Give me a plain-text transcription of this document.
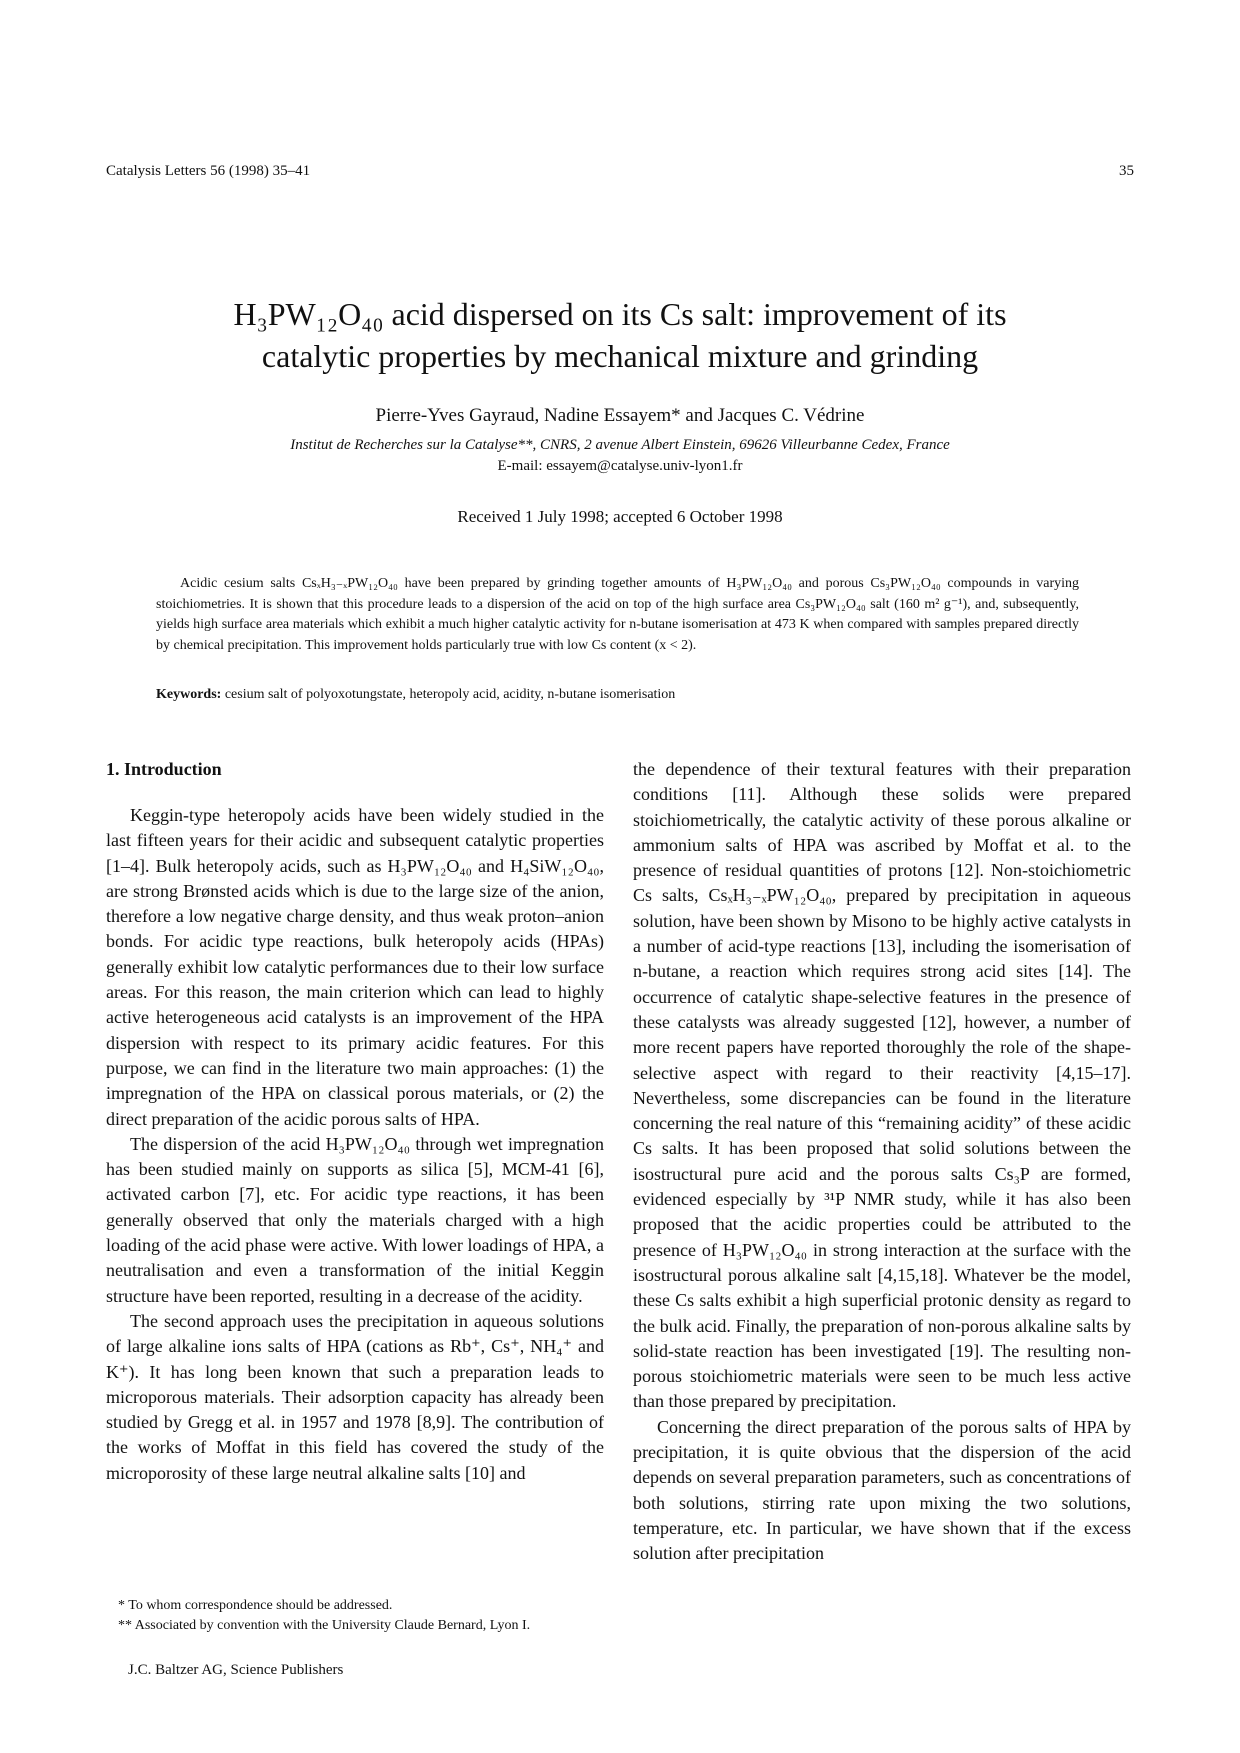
Catalysis Letters 56 (1998) 35–41	35
H₃PW₁₂O₄₀ acid dispersed on its Cs salt: improvement of its
catalytic properties by mechanical mixture and grinding
Pierre-Yves Gayraud, Nadine Essayem* and Jacques C. Védrine
Institut de Recherches sur la Catalyse**, CNRS, 2 avenue Albert Einstein, 69626 Villeurbanne Cedex, France
E-mail: essayem@catalyse.univ-lyon1.fr
Received 1 July 1998; accepted 6 October 1998
Acidic cesium salts CsₓH₃₋ₓPW₁₂O₄₀ have been prepared by grinding together amounts of H₃PW₁₂O₄₀ and porous Cs₃PW₁₂O₄₀ compounds in varying stoichiometries. It is shown that this procedure leads to a dispersion of the acid on top of the high surface area Cs₃PW₁₂O₄₀ salt (160 m² g⁻¹), and, subsequently, yields high surface area materials which exhibit a much higher catalytic activity for n-butane isomerisation at 473 K when compared with samples prepared directly by chemical precipitation. This improvement holds particularly true with low Cs content (x < 2).
Keywords: cesium salt of polyoxotungstate, heteropoly acid, acidity, n-butane isomerisation
1. Introduction

Keggin-type heteropoly acids have been widely studied in the last fifteen years for their acidic and subsequent catalytic properties [1–4]. Bulk heteropoly acids, such as H₃PW₁₂O₄₀ and H₄SiW₁₂O₄₀, are strong Brønsted acids which is due to the large size of the anion, therefore a low negative charge density, and thus weak proton–anion bonds. For acidic type reactions, bulk heteropoly acids (HPAs) generally exhibit low catalytic performances due to their low surface areas. For this reason, the main criterion which can lead to highly active heterogeneous acid catalysts is an improvement of the HPA dispersion with respect to its primary acidic features. For this purpose, we can find in the literature two main approaches: (1) the impregnation of the HPA on classical porous materials, or (2) the direct preparation of the acidic porous salts of HPA.

The dispersion of the acid H₃PW₁₂O₄₀ through wet impregnation has been studied mainly on supports as silica [5], MCM-41 [6], activated carbon [7], etc. For acidic type reactions, it has been generally observed that only the materials charged with a high loading of the acid phase were active. With lower loadings of HPA, a neutralisation and even a transformation of the initial Keggin structure have been reported, resulting in a decrease of the acidity.

The second approach uses the precipitation in aqueous solutions of large alkaline ions salts of HPA (cations as Rb⁺, Cs⁺, NH₄⁺ and K⁺). It has long been known that such a preparation leads to microporous materials. Their adsorption capacity has already been studied by Gregg et al. in 1957 and 1978 [8,9]. The contribution of the works of Moffat in this field has covered the study of the microporosity of these large neutral alkaline salts [10] and

the dependence of their textural features with their preparation conditions [11]. Although these solids were prepared stoichiometrically, the catalytic activity of these porous alkaline or ammonium salts of HPA was ascribed by Moffat et al. to the presence of residual quantities of protons [12]. Non-stoichiometric Cs salts, CsₓH₃₋ₓPW₁₂O₄₀, prepared by precipitation in aqueous solution, have been shown by Misono to be highly active catalysts in a number of acid-type reactions [13], including the isomerisation of n-butane, a reaction which requires strong acid sites [14]. The occurrence of catalytic shape-selective features in the presence of these catalysts was already suggested [12], however, a number of more recent papers have reported thoroughly the role of the shape-selective aspect with regard to their reactivity [4,15–17]. Nevertheless, some discrepancies can be found in the literature concerning the real nature of this “remaining acidity” of these acidic Cs salts. It has been proposed that solid solutions between the isostructural pure acid and the porous salts Cs₃P are formed, evidenced especially by ³¹P NMR study, while it has also been proposed that the acidic properties could be attributed to the presence of H₃PW₁₂O₄₀ in strong interaction at the surface with the isostructural porous alkaline salt [4,15,18]. Whatever be the model, these Cs salts exhibit a high superficial protonic density as regard to the bulk acid. Finally, the preparation of non-porous alkaline salts by solid-state reaction has been investigated [19]. The resulting non-porous stoichiometric materials were seen to be much less active than those prepared by precipitation.

Concerning the direct preparation of the porous salts of HPA by precipitation, it is quite obvious that the dispersion of the acid depends on several preparation parameters, such as concentrations of both solutions, stirring rate upon mixing the two solutions, temperature, etc. In particular, we have shown that if the excess solution after precipitation

* To whom correspondence should be addressed.
** Associated by convention with the University Claude Bernard, Lyon I.
J.C. Baltzer AG, Science Publishers
